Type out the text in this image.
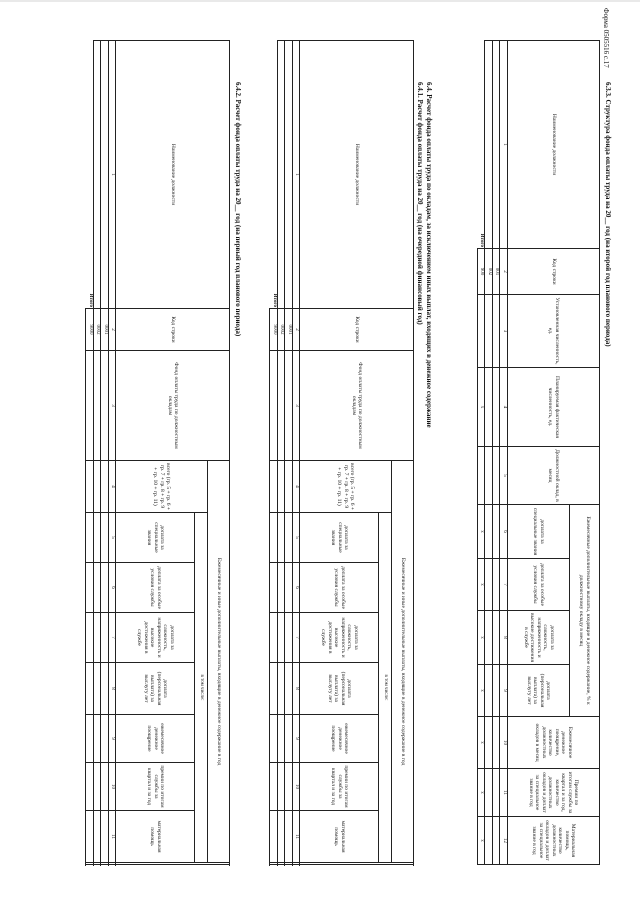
Форма 0505516 с.17
6.3.3. Структура фонда оплаты труда на 20__ год (на второй год планового периода)
Наименование должности	Код строки	Установленная численность, ед.	Планируемая фактическая численность, ед.	Должностной оклад, в месяц	Ежемесячные дополнительные выплаты, входящие в денежное содержание, % к должностному окладу в месяц				Ежемесячное денежное поощрение, количество должностных окладов в месяц	Премии по итогам службы за квартал и за год, количество должностных окладов и доплат за специальное звание в год	Материальная помощь, количество должностных окладов и доплат за специальное звание в год
					доплата за специальные звания	доплата за особые условия службы	доплата за сложность, напряженность и высокие достижения в службе	доплата (персональная выплата) за выслугу лет			
1	2	3	4	5	6	7	8	9	10	11	12
	001										
	002										
Итого	900		x		x	x	x	x	x	x	x
6.4. Расчет фонда оплаты труда по окладам, за исключением иных выплат, входящих в денежное содержание
6.4.1. Расчет фонда оплаты труда на 20__ год (на очередной финансовый год)
Наименование должности	Код строки	Фонд оплаты труда по должностным окладам	Ежемесячные и иные дополнительные выплаты, входящие в денежное содержание в год	
			всего (гр. 5 + гр. 6 + гр. 7 + гр. 8 + гр. 9 + гр. 10 + гр. 11)	в том числе:							
				доплата за специальные звания	доплата за особые условия службы	доплата за сложность, напряженность и высокие достижения в службе	доплата (персональная выплата) за выслугу лет	ежемесячное денежное поощрение	премии по итогам службы за квартал и за год	материальная помощь	
1	2	3	4	5	6	7	8	9	10	11	
	0001										
	0002										
Итого	9000										
6.4.2. Расчет фонда оплаты труда на 20__ год (на первый год планового периода)
Наименование должности	Код строки	Фонд оплаты труда по должностным окладам	Ежемесячные и иные дополнительные выплаты, входящие в денежное содержание в год	
			всего (гр. 5 + гр. 6 + гр. 7 + гр. 8 + гр. 9 + гр. 10 + гр. 11)	в том числе:							
				доплата за специальные звания	доплата за особые условия службы	доплата за сложность, напряженность и высокие достижения в службе	доплата (персональная выплата) за выслугу лет	ежемесячное денежное поощрение	премии по итогам службы за квартал и за год	материальная помощь	
1	2	3	4	5	6	7	8	9	10	11	
	0001										
	0002										
Итого	9000										
